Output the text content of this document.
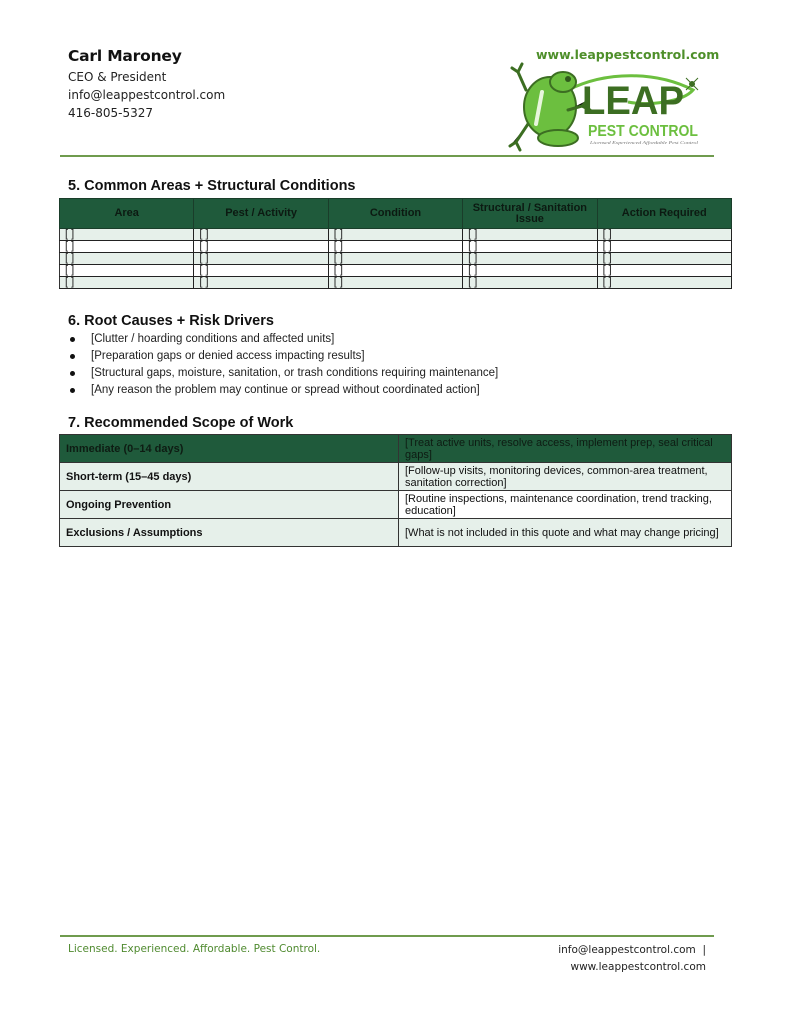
Carl Maroney
CEO & President
info@leappestcontrol.com
416-805-5327
www.leappestcontrol.com
LEAP
PEST CONTROL
Licensed Experienced Affordable Pest Control
5. Common Areas + Structural Conditions
Area	Pest / Activity	Condition	Structural / Sanitation Issue	Action Required
[ ]	[ ]	[ ]	[ ]	[ ]
[ ]	[ ]	[ ]	[ ]	[ ]
[ ]	[ ]	[ ]	[ ]	[ ]
[ ]	[ ]	[ ]	[ ]	[ ]
[ ]	[ ]	[ ]	[ ]	[ ]
6. Root Causes + Risk Drivers
[Clutter / hoarding conditions and affected units]
[Preparation gaps or denied access impacting results]
[Structural gaps, moisture, sanitation, or trash conditions requiring maintenance]
[Any reason the problem may continue or spread without coordinated action]
7. Recommended Scope of Work
Immediate (0–14 days)	[Treat active units, resolve access, implement prep, seal critical gaps]
Short-term (15–45 days)	[Follow-up visits, monitoring devices, common-area treatment, sanitation correction]
Ongoing Prevention	[Routine inspections, maintenance coordination, trend tracking, education]
Exclusions / Assumptions	[What is not included in this quote and what may change pricing]
Licensed. Experienced. Affordable. Pest Control.	info@leappestcontrol.com |
www.leappestcontrol.com
